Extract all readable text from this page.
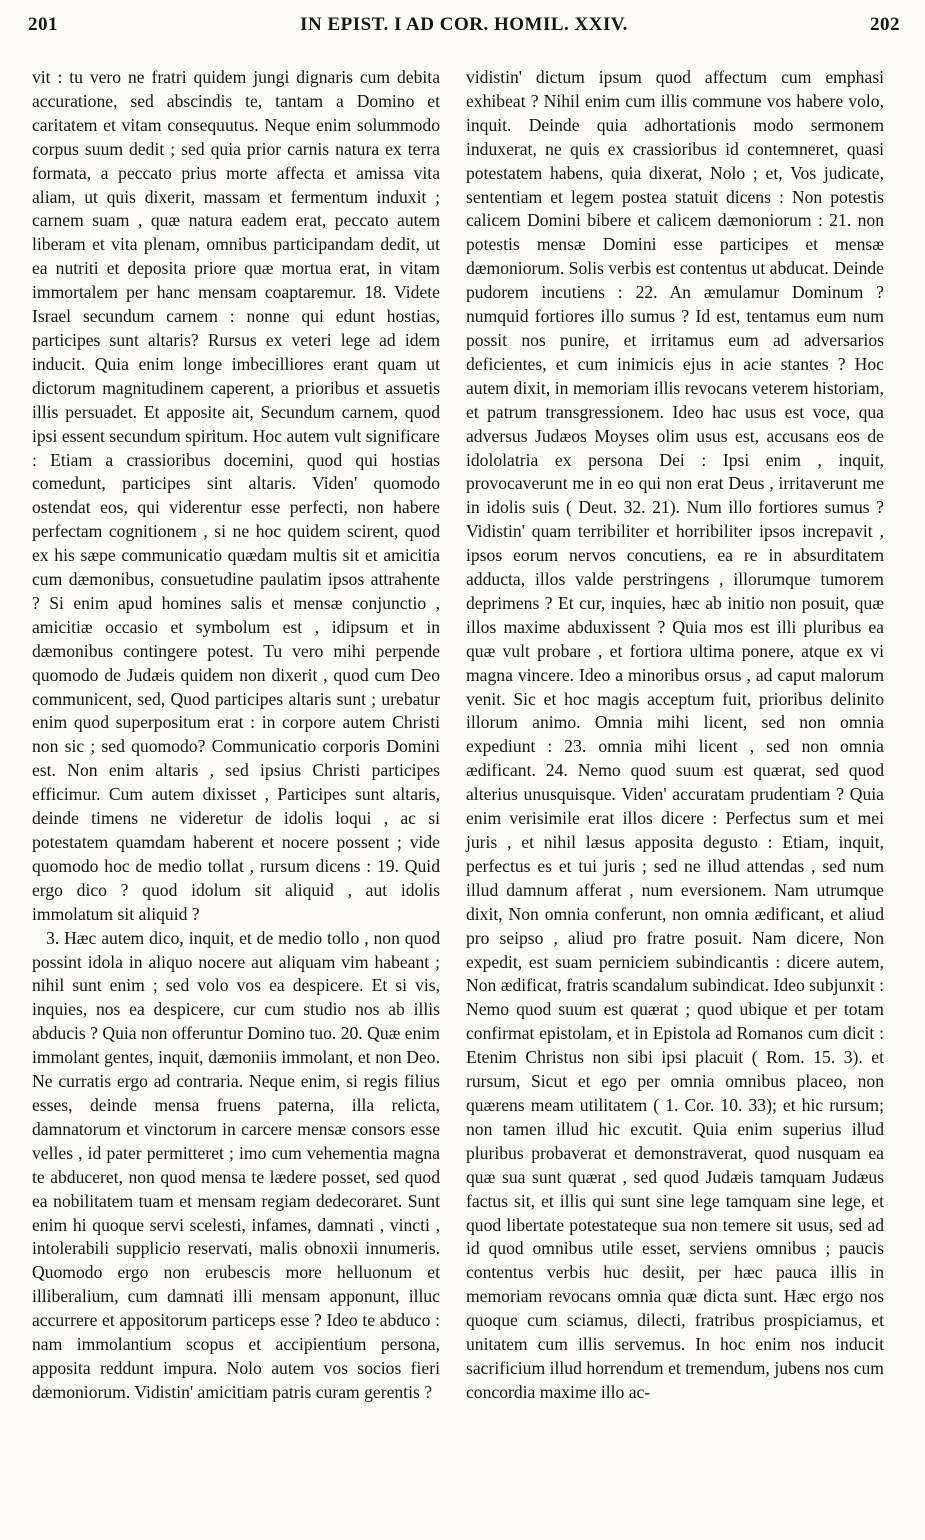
201	IN EPIST. I AD COR. HOMIL. XXIV.	202

vit : tu vero ne fratri quidem jungi dignaris cum debita accuratione, sed abscindis te, tantam a Domino et caritatem et vitam consequutus. Neque enim solummodo corpus suum dedit ; sed quia prior carnis natura ex terra formata, a peccato prius morte affecta et amissa vita aliam, ut quis dixerit, massam et fermentum induxit ; carnem suam , quæ natura eadem erat, peccato autem liberam et vita plenam, omnibus participandam dedit, ut ea nutriti et deposita priore quæ mortua erat, in vitam immortalem per hanc mensam coaptaremur. 18. Videte Israel secundum carnem : nonne qui edunt hostias, participes sunt altaris? Rursus ex veteri lege ad idem inducit. Quia enim longe imbecilliores erant quam ut dictorum magnitudinem caperent, a prioribus et assuetis illis persuadet. Et apposite ait, Secundum carnem, quod ipsi essent secundum spiritum. Hoc autem vult significare : Etiam a crassioribus docemini, quod qui hostias comedunt, participes sint altaris. Viden' quomodo ostendat eos, qui viderentur esse perfecti, non habere perfectam cognitionem , si ne hoc quidem scirent, quod ex his sæpe communicatio quædam multis sit et amicitia cum dæmonibus, consuetudine paulatim ipsos attrahente ? Si enim apud homines salis et mensæ conjunctio , amicitiæ occasio et symbolum est , idipsum et in dæmonibus contingere potest. Tu vero mihi perpende quomodo de Judæis quidem non dixerit , quod cum Deo communicent, sed, Quod participes altaris sunt ; urebatur enim quod superpositum erat : in corpore autem Christi non sic ; sed quomodo? Communicatio corporis Domini est. Non enim altaris , sed ipsius Christi participes efficimur. Cum autem dixisset , Participes sunt altaris, deinde timens ne videretur de idolis loqui , ac si potestatem quamdam haberent et nocere possent ; vide quomodo hoc de medio tollat , rursum dicens : 19. Quid ergo dico ? quod idolum sit aliquid , aut idolis immolatum sit aliquid ?

3. Hæc autem dico, inquit, et de medio tollo , non quod possint idola in aliquo nocere aut aliquam vim habeant ; nihil sunt enim ; sed volo vos ea despicere. Et si vis, inquies, nos ea despicere, cur cum studio nos ab illis abducis ? Quia non offeruntur Domino tuo. 20. Quæ enim immolant gentes, inquit, dæmoniis immolant, et non Deo. Ne curratis ergo ad contraria. Neque enim, si regis filius esses, deinde mensa fruens paterna, illa relicta, damnatorum et vinctorum in carcere mensæ consors esse velles , id pater permitteret ; imo cum vehementia magna te abduceret, non quod mensa te lædere posset, sed quod ea nobilitatem tuam et mensam regiam dedecoraret. Sunt enim hi quoque servi scelesti, infames, damnati , vincti , intolerabili supplicio reservati, malis obnoxii innumeris. Quomodo ergo non erubescis more helluonum et illiberalium, cum damnati illi mensam apponunt, illuc accurrere et appositorum particeps esse ? Ideo te abduco : nam immolantium scopus et accipientium persona, apposita reddunt impura. Nolo autem vos socios fieri dæmoniorum. Vidistin' amicitiam patris curam gerentis ?

vidistin' dictum ipsum quod affectum cum emphasi exhibeat ? Nihil enim cum illis commune vos habere volo, inquit. Deinde quia adhortationis modo sermonem induxerat, ne quis ex crassioribus id contemneret, quasi potestatem habens, quia dixerat, Nolo ; et, Vos judicate, sententiam et legem postea statuit dicens : Non potestis calicem Domini bibere et calicem dæmoniorum : 21. non potestis mensæ Domini esse participes et mensæ dæmoniorum. Solis verbis est contentus ut abducat. Deinde pudorem incutiens : 22. An æmulamur Dominum ? numquid fortiores illo sumus ? Id est, tentamus eum num possit nos punire, et irritamus eum ad adversarios deficientes, et cum inimicis ejus in acie stantes ? Hoc autem dixit, in memoriam illis revocans veterem historiam, et patrum transgressionem. Ideo hac usus est voce, qua adversus Judæos Moyses olim usus est, accusans eos de idololatria ex persona Dei : Ipsi enim , inquit, provocaverunt me in eo qui non erat Deus , irritaverunt me in idolis suis ( Deut. 32. 21). Num illo fortiores sumus ? Vidistin' quam terribiliter et horribiliter ipsos increpavit , ipsos eorum nervos concutiens, ea re in absurditatem adducta, illos valde perstringens , illorumque tumorem deprimens ? Et cur, inquies, hæc ab initio non posuit, quæ illos maxime abduxissent ? Quia mos est illi pluribus ea quæ vult probare , et fortiora ultima ponere, atque ex vi magna vincere. Ideo a minoribus orsus , ad caput malorum venit. Sic et hoc magis acceptum fuit, prioribus delinito illorum animo. Omnia mihi licent, sed non omnia expediunt : 23. omnia mihi licent , sed non omnia ædificant. 24. Nemo quod suum est quærat, sed quod alterius unusquisque. Viden' accuratam prudentiam ? Quia enim verisimile erat illos dicere : Perfectus sum et mei juris , et nihil læsus apposita degusto : Etiam, inquit, perfectus es et tui juris ; sed ne illud attendas , sed num illud damnum afferat , num eversionem. Nam utrumque dixit, Non omnia conferunt, non omnia ædificant, et aliud pro seipso , aliud pro fratre posuit. Nam dicere, Non expedit, est suam perniciem subindicantis : dicere autem, Non ædificat, fratris scandalum subindicat. Ideo subjunxit : Nemo quod suum est quærat ; quod ubique et per totam confirmat epistolam, et in Epistola ad Romanos cum dicit : Etenim Christus non sibi ipsi placuit ( Rom. 15. 3). et rursum, Sicut et ego per omnia omnibus placeo, non quærens meam utilitatem ( 1. Cor. 10. 33); et hic rursum; non tamen illud hic excutit. Quia enim superius illud pluribus probaverat et demonstraverat, quod nusquam ea quæ sua sunt quærat , sed quod Judæis tamquam Judæus factus sit, et illis qui sunt sine lege tamquam sine lege, et quod libertate potestateque sua non temere sit usus, sed ad id quod omnibus utile esset, serviens omnibus ; paucis contentus verbis huc desiit, per hæc pauca illis in memoriam revocans omnia quæ dicta sunt. Hæc ergo nos quoque cum sciamus, dilecti, fratribus prospiciamus, et unitatem cum illis servemus. In hoc enim nos inducit sacrificium illud horrendum et tremendum, jubens nos cum concordia maxime illo ac-
